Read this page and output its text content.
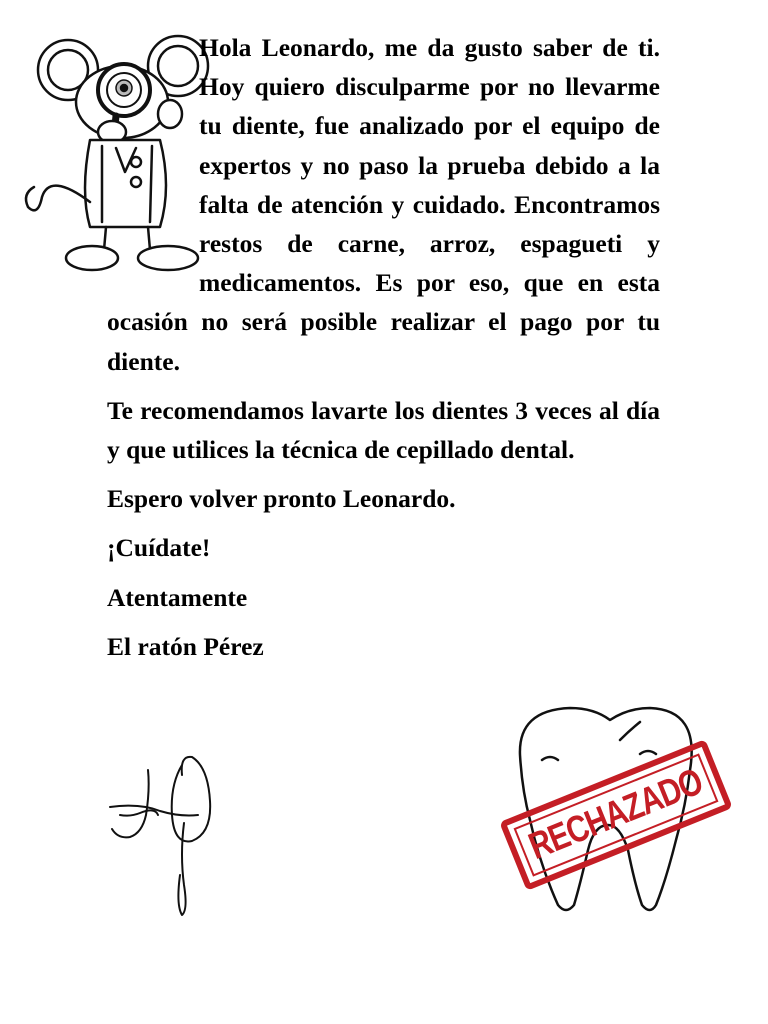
Hola Leonardo, me da gusto saber de ti. Hoy quiero disculparme por no llevarme tu diente, fue analizado por el equipo de expertos y no paso la prueba debido a la falta de atención y cuidado. Encontramos restos de carne, arroz, espagueti y medicamentos. Es por eso, que en esta ocasión no será posible realizar el pago por tu diente.

Te recomendamos lavarte los dientes 3 veces al día y que utilices la técnica de cepillado dental.

Espero volver pronto Leonardo.

¡Cuídate!

Atentamente

El ratón Pérez

RECHAZADO
